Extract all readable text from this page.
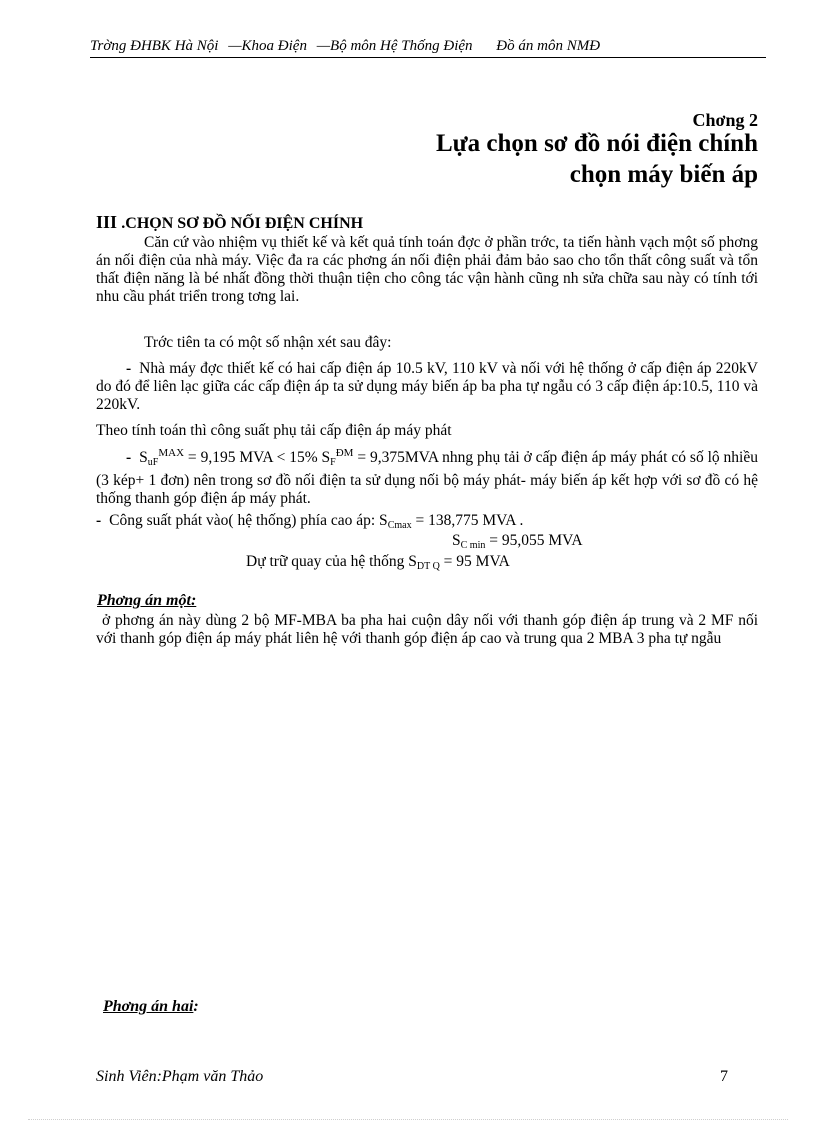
Trờng ĐHBK Hà Nội —Khoa Điện —Bộ môn Hệ Thống Điện Đồ án môn NMĐ
Chơng 2
Lựa chọn sơ đồ nói điện chính
chọn máy biến áp
III .CHỌN SƠ ĐỒ NỐI ĐIỆN CHÍNH
Căn cứ vào nhiệm vụ thiết kế và kết quả tính toán đợc ở phần trớc, ta tiến hành vạch một số phơng án nối điện của nhà máy. Việc đa ra các phơng án nối điện phải đảm bảo sao cho tổn thất công suất và tổn thất điện năng là bé nhất đồng thời thuận tiện cho công tác vận hành cũng nh sửa chữa sau này có tính tới nhu cầu phát triển trong tơng lai.
Trớc tiên ta có một số nhận xét sau đây:
- Nhà máy đợc thiết kế có hai cấp điện áp 10.5 kV, 110 kV và nối với hệ thống ở cấp điện áp 220kV do đó để liên lạc giữa các cấp điện áp ta sử dụng máy biến áp ba pha tự ngẫu có 3 cấp điện áp:10.5, 110 và 220kV.
Theo tính toán thì công suất phụ tải cấp điện áp máy phát
- $S_{uF}^{MAX} = 9,195$ MVA < 15% $S_F^{ĐM} = 9,375MVA$ nhng phụ tải ở cấp điện áp máy phát có số lộ nhiều (3 kép+ 1 đơn) nên trong sơ đồ nối điện ta sử dụng nối bộ máy phát- máy biến áp kết hợp với sơ đồ có hệ thống thanh góp điện áp máy phát.
- Công suất phát vào( hệ thống) phía cao áp: $S_{Cmax} = 138,775$ MVA .
$S_{C min} = 95,055$ MVA
Dự trữ quay của hệ thống $S_{DT Q} = 95$ MVA
Phơng án một:
ở phơng án này dùng 2 bộ MF-MBA ba pha hai cuộn dây nối với thanh góp điện áp trung và 2 MF nối với thanh góp điện áp máy phát liên hệ với thanh góp điện áp cao và trung qua 2 MBA 3 pha tự ngẫu
Phơng án hai:
Sinh Viên:Phạm văn Thảo	7
